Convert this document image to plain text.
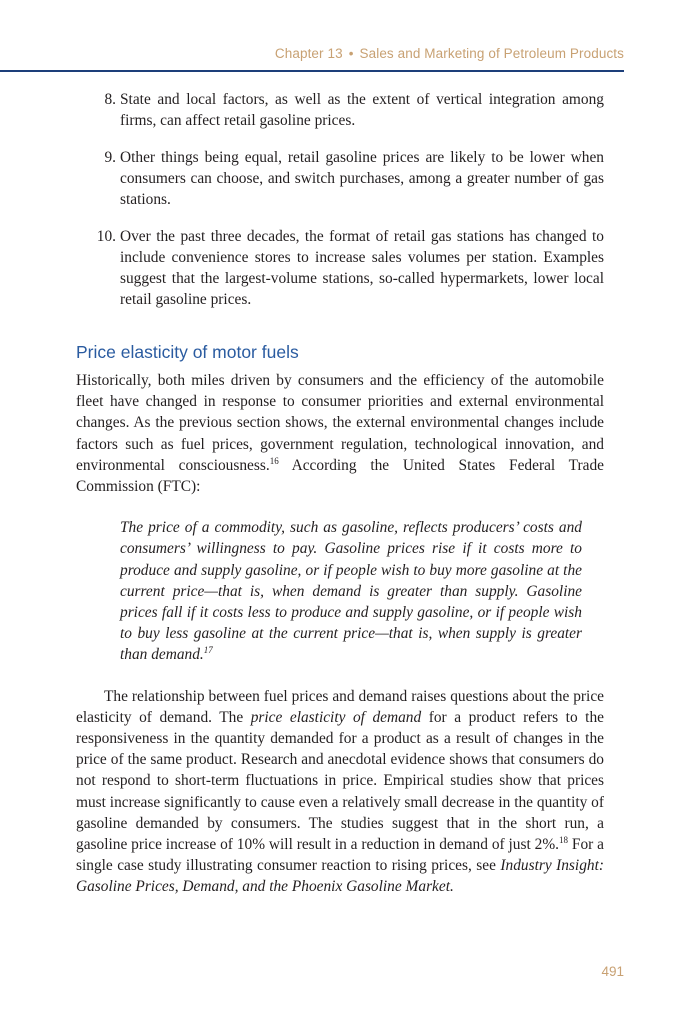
Chapter 13 • Sales and Marketing of Petroleum Products
8. State and local factors, as well as the extent of vertical integration among firms, can affect retail gasoline prices.
9. Other things being equal, retail gasoline prices are likely to be lower when consumers can choose, and switch purchases, among a greater number of gas stations.
10. Over the past three decades, the format of retail gas stations has changed to include convenience stores to increase sales volumes per station. Examples suggest that the largest-volume stations, so-called hypermarkets, lower local retail gasoline prices.
Price elasticity of motor fuels

Historically, both miles driven by consumers and the efficiency of the automobile fleet have changed in response to consumer priorities and external environmental changes. As the previous section shows, the external environmental changes include factors such as fuel prices, government regulation, technological innovation, and environmental consciousness.$^{16}$ According the United States Federal Trade Commission (FTC):

The price of a commodity, such as gasoline, reflects producers’ costs and consumers’ willingness to pay. Gasoline prices rise if it costs more to produce and supply gasoline, or if people wish to buy more gasoline at the current price—that is, when demand is greater than supply. Gasoline prices fall if it costs less to produce and supply gasoline, or if people wish to buy less gasoline at the current price—that is, when supply is greater than demand.$^{17}$

The relationship between fuel prices and demand raises questions about the price elasticity of demand. The price elasticity of demand for a product refers to the responsiveness in the quantity demanded for a product as a result of changes in the price of the same product. Research and anecdotal evidence shows that consumers do not respond to short-term fluctuations in price. Empirical studies show that prices must increase significantly to cause even a relatively small decrease in the quantity of gasoline demanded by consumers. The studies suggest that in the short run, a gasoline price increase of 10% will result in a reduction in demand of just 2%.$^{18}$ For a single case study illustrating consumer reaction to rising prices, see Industry Insight: Gasoline Prices, Demand, and the Phoenix Gasoline Market.

491
